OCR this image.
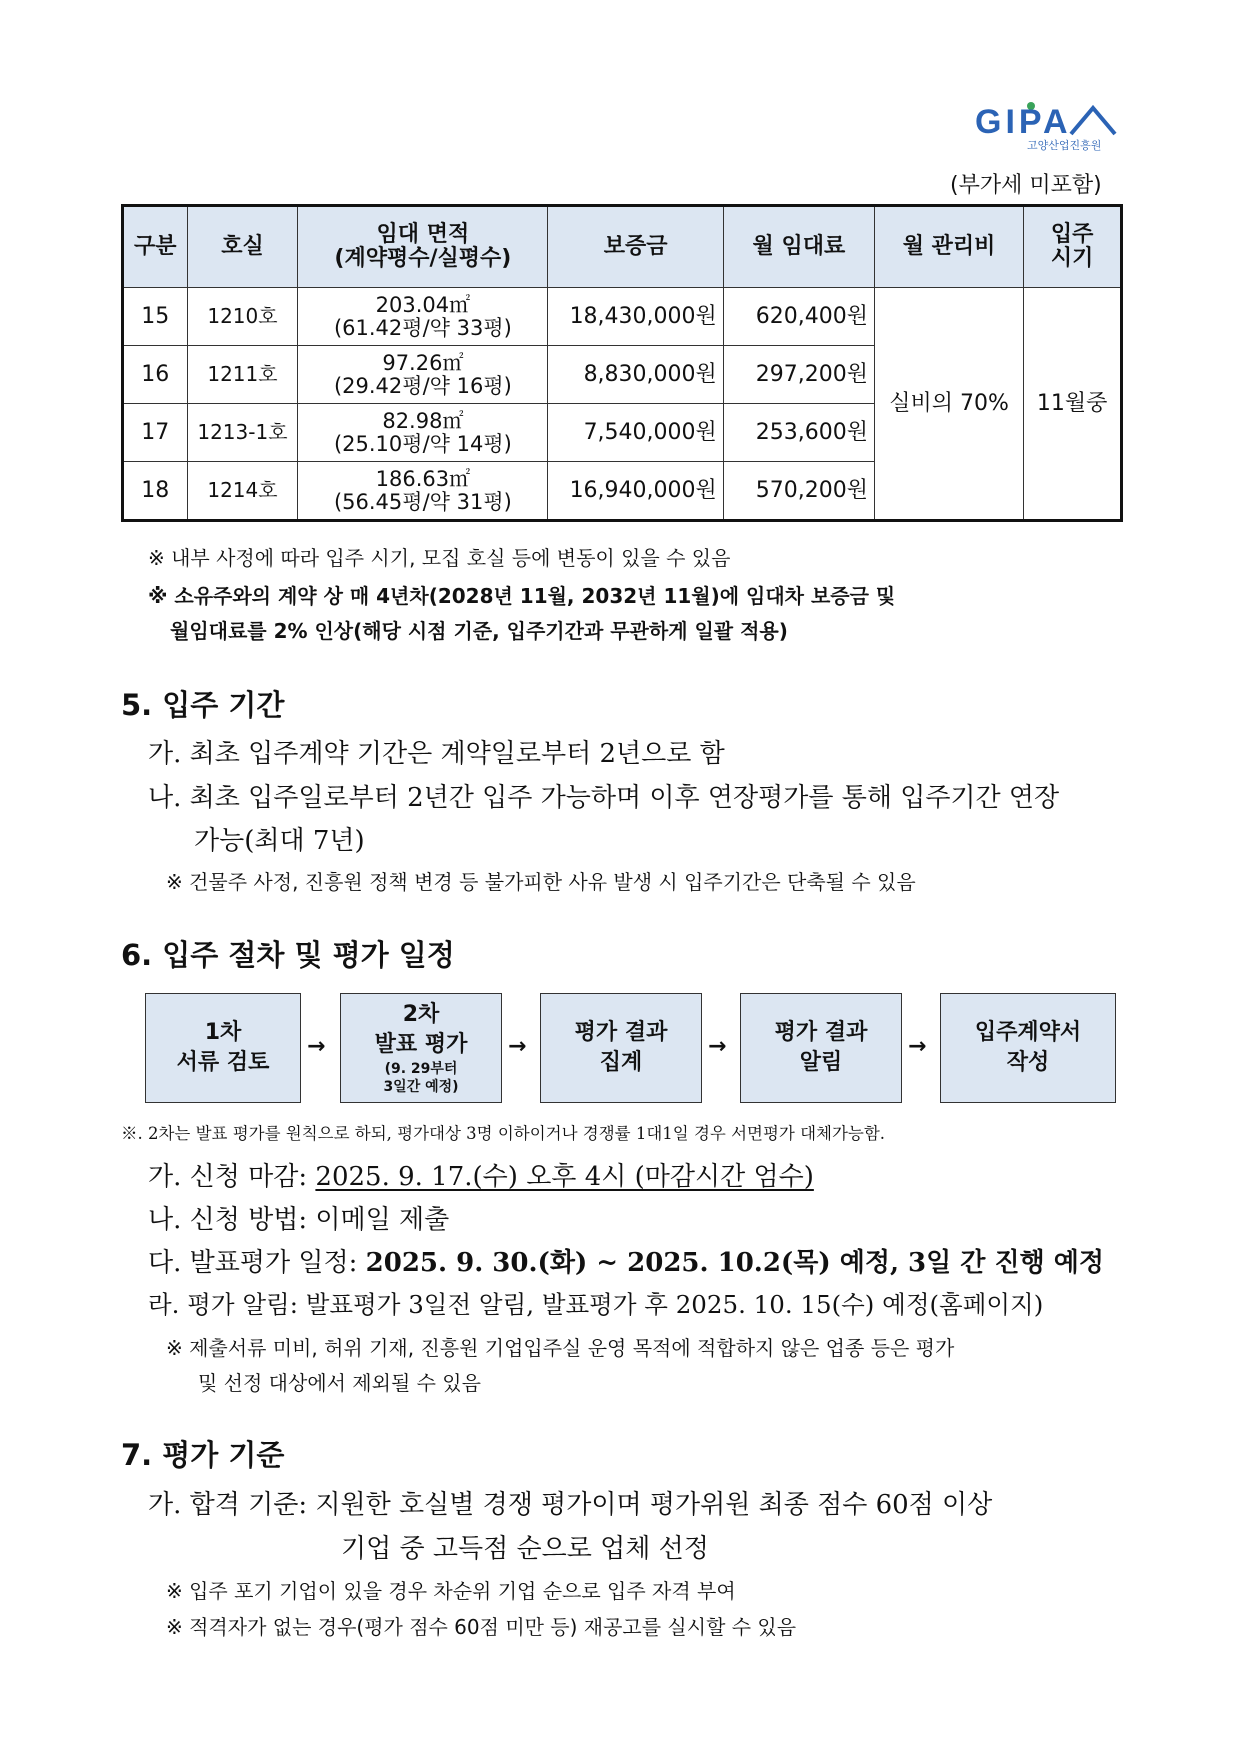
GIPA
고양산업진흥원
(부가세 미포함)
구분	호실	임대 면적
(계약평수/실평수)	보증금	월 임대료	월 관리비	입주
시기
15	1210호	203.04㎡
(61.42평/약 33평)	18,430,000원	620,400원	실비의 70%	11월중
16	1211호	97.26㎡
(29.42평/약 16평)	8,830,000원	297,200원		
17	1213-1호	82.98㎡
(25.10평/약 14평)	7,540,000원	253,600원		
18	1214호	186.63㎡
(56.45평/약 31평)	16,940,000원	570,200원		
※ 내부 사정에 따라 입주 시기, 모집 호실 등에 변동이 있을 수 있음
※ 소유주와의 계약 상 매 4년차(2028년 11월, 2032년 11월)에 임대차 보증금 및
월임대료를 2% 인상(해당 시점 기준, 입주기간과 무관하게 일괄 적용)
5. 입주 기간
가. 최초 입주계약 기간은 계약일로부터 2년으로 함
나. 최초 입주일로부터 2년간 입주 가능하며 이후 연장평가를 통해 입주기간 연장
가능(최대 7년)
※ 건물주 사정, 진흥원 정책 변경 등 불가피한 사유 발생 시 입주기간은 단축될 수 있음
6. 입주 절차 및 평가 일정
1차
서류 검토
→
2차
발표 평가
(9. 29부터
3일간 예정)
→
평가 결과
집계
→
평가 결과
알림
→
입주계약서
작성
※. 2차는 발표 평가를 원칙으로 하되, 평가대상 3명 이하이거나 경쟁률 1대1일 경우 서면평가 대체가능함.
가. 신청 마감: 2025. 9. 17.(수) 오후 4시 (마감시간 엄수)
나. 신청 방법: 이메일 제출
다. 발표평가 일정: 2025. 9. 30.(화) ~ 2025. 10.2(목) 예정, 3일 간 진행 예정
라. 평가 알림: 발표평가 3일전 알림, 발표평가 후 2025. 10. 15(수) 예정(홈페이지)
※ 제출서류 미비, 허위 기재, 진흥원 기업입주실 운영 목적에 적합하지 않은 업종 등은 평가
및 선정 대상에서 제외될 수 있음
7. 평가 기준
가. 합격 기준: 지원한 호실별 경쟁 평가이며 평가위원 최종 점수 60점 이상
기업 중 고득점 순으로 업체 선정
※ 입주 포기 기업이 있을 경우 차순위 기업 순으로 입주 자격 부여
※ 적격자가 없는 경우(평가 점수 60점 미만 등) 재공고를 실시할 수 있음
